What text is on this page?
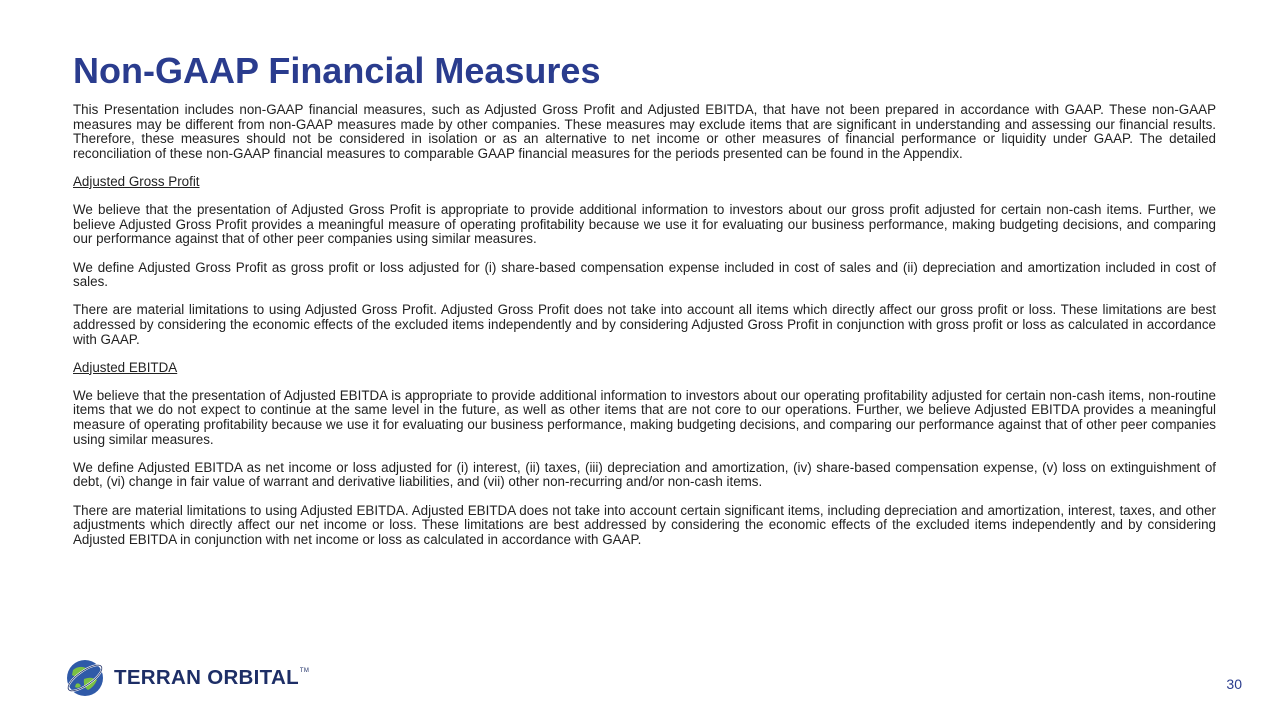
Non-GAAP Financial Measures

This Presentation includes non-GAAP financial measures, such as Adjusted Gross Profit and Adjusted EBITDA, that have not been prepared in accordance with GAAP. These non-GAAP measures may be different from non-GAAP measures made by other companies. These measures may exclude items that are significant in understanding and assessing our financial results. Therefore, these measures should not be considered in isolation or as an alternative to net income or other measures of financial performance or liquidity under GAAP. The detailed reconciliation of these non-GAAP financial measures to comparable GAAP financial measures for the periods presented can be found in the Appendix.

Adjusted Gross Profit

We believe that the presentation of Adjusted Gross Profit is appropriate to provide additional information to investors about our gross profit adjusted for certain non-cash items. Further, we believe Adjusted Gross Profit provides a meaningful measure of operating profitability because we use it for evaluating our business performance, making budgeting decisions, and comparing our performance against that of other peer companies using similar measures.

We define Adjusted Gross Profit as gross profit or loss adjusted for (i) share-based compensation expense included in cost of sales and (ii) depreciation and amortization included in cost of sales.

There are material limitations to using Adjusted Gross Profit. Adjusted Gross Profit does not take into account all items which directly affect our gross profit or loss. These limitations are best addressed by considering the economic effects of the excluded items independently and by considering Adjusted Gross Profit in conjunction with gross profit or loss as calculated in accordance with GAAP.

Adjusted EBITDA

We believe that the presentation of Adjusted EBITDA is appropriate to provide additional information to investors about our operating profitability adjusted for certain non-cash items, non-routine items that we do not expect to continue at the same level in the future, as well as other items that are not core to our operations. Further, we believe Adjusted EBITDA provides a meaningful measure of operating profitability because we use it for evaluating our business performance, making budgeting decisions, and comparing our performance against that of other peer companies using similar measures.

We define Adjusted EBITDA as net income or loss adjusted for (i) interest, (ii) taxes, (iii) depreciation and amortization, (iv) share-based compensation expense, (v) loss on extinguishment of debt, (vi) change in fair value of warrant and derivative liabilities, and (vii) other non-recurring and/or non-cash items.

There are material limitations to using Adjusted EBITDA. Adjusted EBITDA does not take into account certain significant items, including depreciation and amortization, interest, taxes, and other adjustments which directly affect our net income or loss. These limitations are best addressed by considering the economic effects of the excluded items independently and by considering Adjusted EBITDA in conjunction with net income or loss as calculated in accordance with GAAP.

TERRAN ORBITAL™
30
